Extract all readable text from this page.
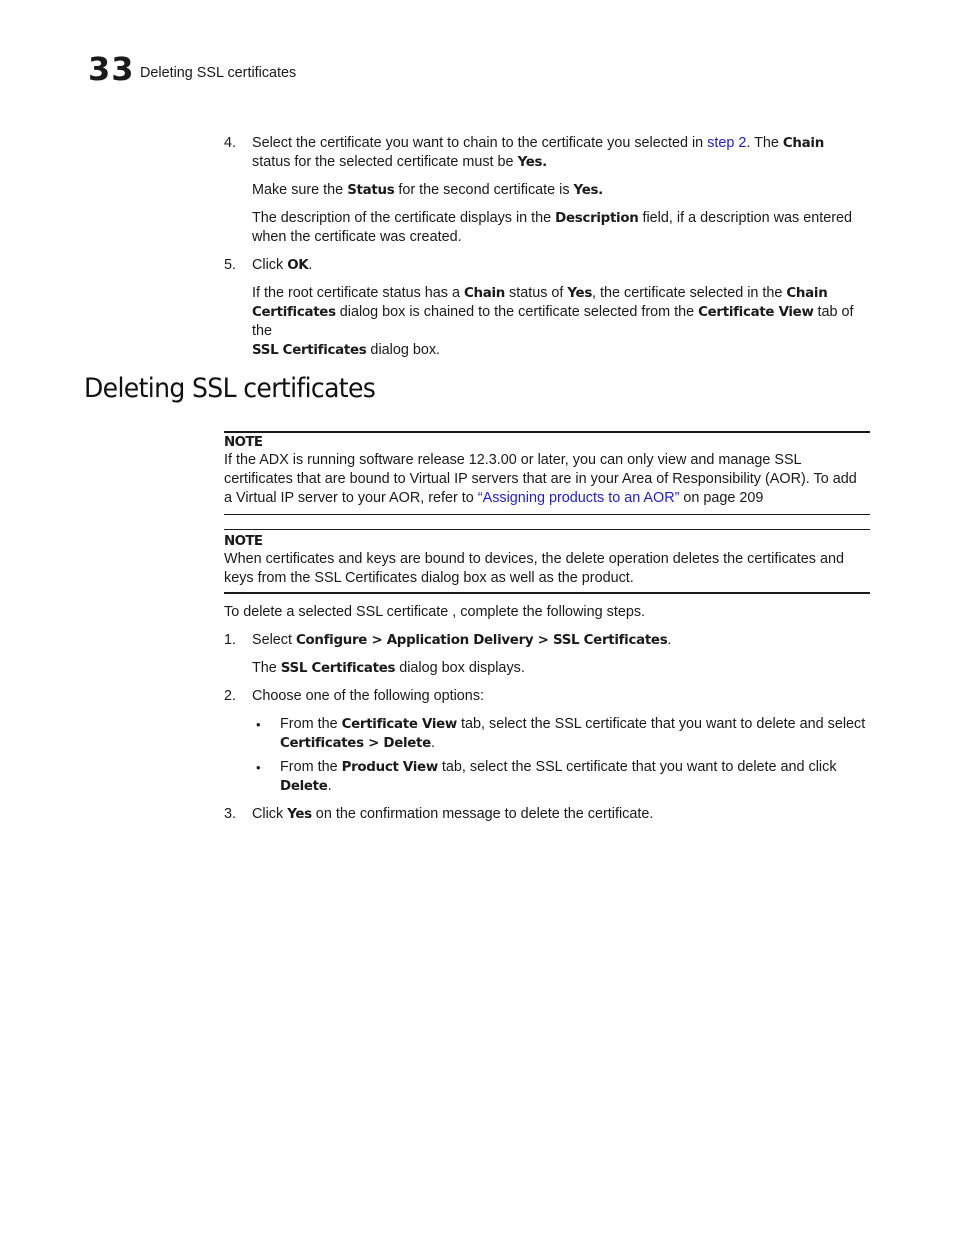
33 Deleting SSL certificates
4. Select the certificate you want to chain to the certificate you selected in step 2. The Chain
status for the selected certificate must be Yes.
Make sure the Status for the second certificate is Yes.
The description of the certificate displays in the Description field, if a description was entered
when the certificate was created.
5. Click OK.
If the root certificate status has a Chain status of Yes, the certificate selected in the Chain
Certificates dialog box is chained to the certificate selected from the Certificate View tab of the
SSL Certificates dialog box.
Deleting SSL certificates
NOTE
If the ADX is running software release 12.3.00 or later, you can only view and manage SSL
certificates that are bound to Virtual IP servers that are in your Area of Responsibility (AOR). To add
a Virtual IP server to your AOR, refer to “Assigning products to an AOR” on page 209
NOTE
When certificates and keys are bound to devices, the delete operation deletes the certificates and
keys from the SSL Certificates dialog box as well as the product.
To delete a selected SSL certificate , complete the following steps.
1. Select Configure > Application Delivery > SSL Certificates.
The SSL Certificates dialog box displays.
2. Choose one of the following options:
• From the Certificate View tab, select the SSL certificate that you want to delete and select
Certificates > Delete.
• From the Product View tab, select the SSL certificate that you want to delete and click
Delete.
3. Click Yes on the confirmation message to delete the certificate.
